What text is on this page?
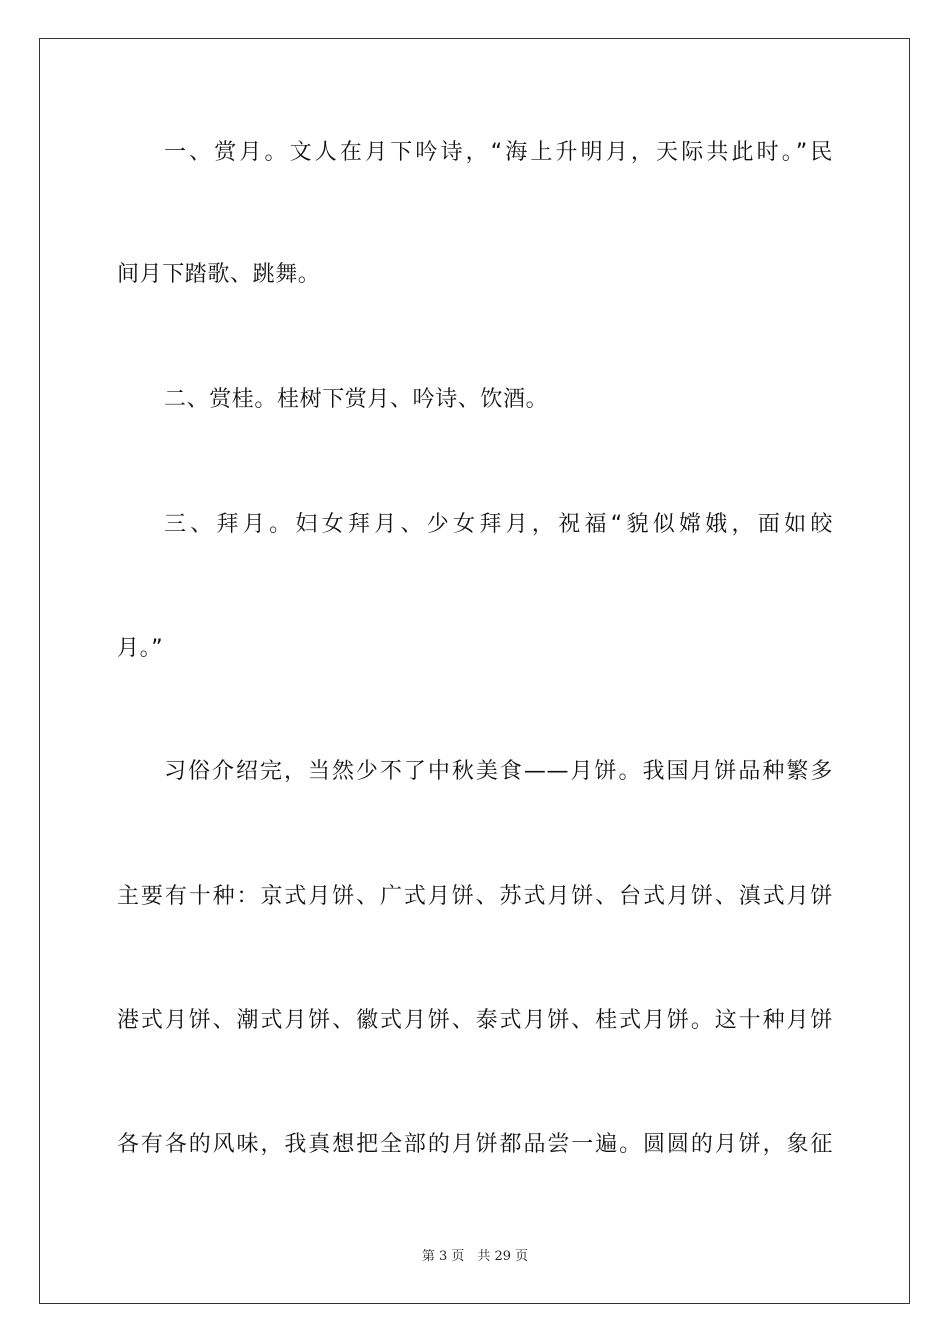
一、赏月。文人在月下吟诗，“海上升明月，天际共此时。”民
间月下踏歌、跳舞。
二、赏桂。桂树下赏月、吟诗、饮酒。
三、拜月。妇女拜月、少女拜月，祝福“貌似嫦娥，面如皎
月。”
习俗介绍完，当然少不了中秋美食——月饼。我国月饼品种繁多
主要有十种：京式月饼、广式月饼、苏式月饼、台式月饼、滇式月饼
港式月饼、潮式月饼、徽式月饼、泰式月饼、桂式月饼。这十种月饼
各有各的风味，我真想把全部的月饼都品尝一遍。圆圆的月饼，象征
第 3 页　共 29 页
